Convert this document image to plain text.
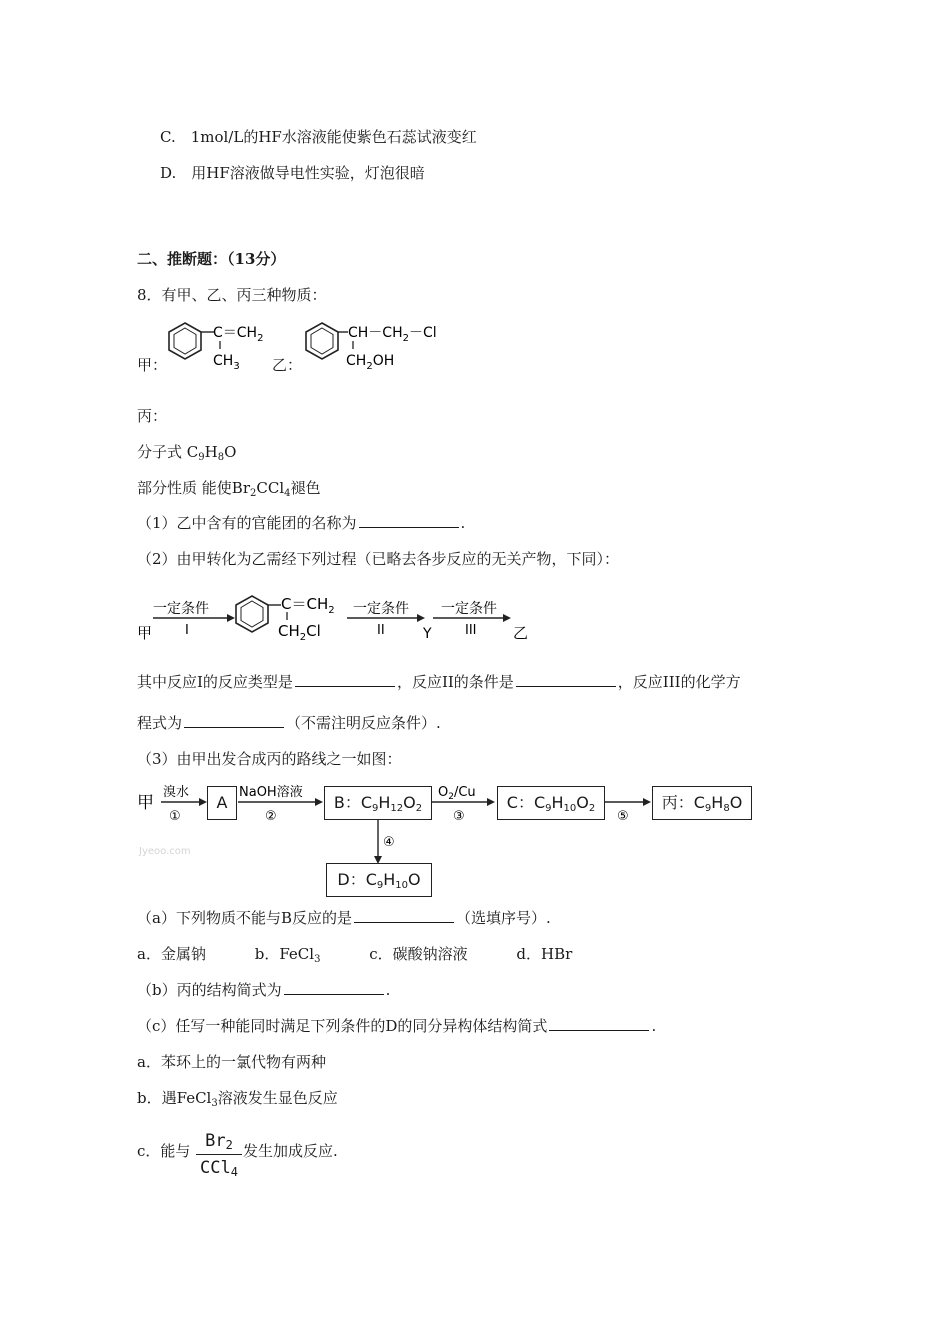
C.　1mol/L的HF水溶液能使紫色石蕊试液变红
D.　用HF溶液做导电性实验，灯泡很暗
二、推断题：（13分）
8．有甲、乙、丙三种物质：
甲：
$C=CH_2$
$CH_3$ 乙：
$CH-CH_2-Cl$
$CH_2OH$
丙：
分子式 $C_9H_8O$
部分性质 能使$Br_2CCl_4$褪色
（1）乙中含有的官能团的名称为	.
（2）由甲转化为乙需经下列过程（已略去各步反应的无关产物，下同）：
甲
一定条件
I
$C=CH_2$
$CH_2Cl$
一定条件
II	Y
一定条件
III 乙
其中反应I的反应类型是	，反应II的条件是	，反应III的化学方
程式为	（不需注明反应条件）.
（3）由甲出发合成丙的路线之一如图：
甲
溴水
①
NaOH溶液
②
$O_2/Cu$
③	⑤
④
Jyeoo.com
A	B：$C_9H_{12}O_2$	C：$C_9H_{10}O_2$	丙：$C_9H_8O$
D：$C_9H_{10}O$
（a）下列物质不能与B反应的是	（选填序号）.
a．金属钠	b．FeCl$_3$	c．碳酸钠溶液	d．HBr
（b）丙的结构简式为	.
（c）任写一种能同时满足下列条件的D的同分异构体结构简式	.
a．苯环上的一氯代物有两种
b．遇FeCl$_3$溶液发生显色反应
c．能与 $Br_2$
CCl$_4$
发生加成反应.
